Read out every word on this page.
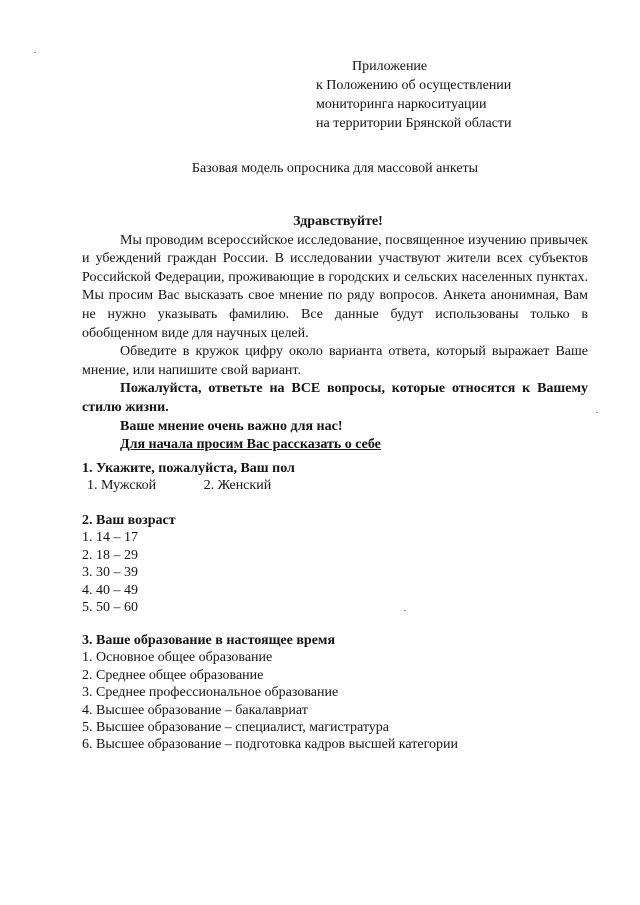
Приложение
к Положению об осуществлении
мониторинга наркоситуации
на территории Брянской области
Базовая модель опросника для массовой анкеты
Здравствуйте!

Мы проводим всероссийское исследование, посвященное изучению привычек и убеждений граждан России. В исследовании участвуют жители всех субъектов Российской Федерации, проживающие в городских и сельских населенных пунктах. Мы просим Вас высказать свое мнение по ряду вопросов. Анкета анонимная, Вам не нужно указывать фамилию. Все данные будут использованы только в обобщенном виде для научных целей.

Обведите в кружок цифру около варианта ответа, который выражает Ваше мнение, или напишите свой вариант.

Пожалуйста, ответьте на ВСЕ вопросы, которые относятся к Вашему стилю жизни.

Ваше мнение очень важно для нас!

Для начала просим Вас рассказать о себе

1. Укажите, пожалуйста, Ваш пол
1. Мужской	2. Женский
2. Ваш возраст
1. 14 – 17
2. 18 – 29
3. 30 – 39
4. 40 – 49
5. 50 – 60
3. Ваше образование в настоящее время
1. Основное общее образование
2. Среднее общее образование
3. Среднее профессиональное образование
4. Высшее образование – бакалавриат
5. Высшее образование – специалист, магистратура
6. Высшее образование – подготовка кадров высшей категории
